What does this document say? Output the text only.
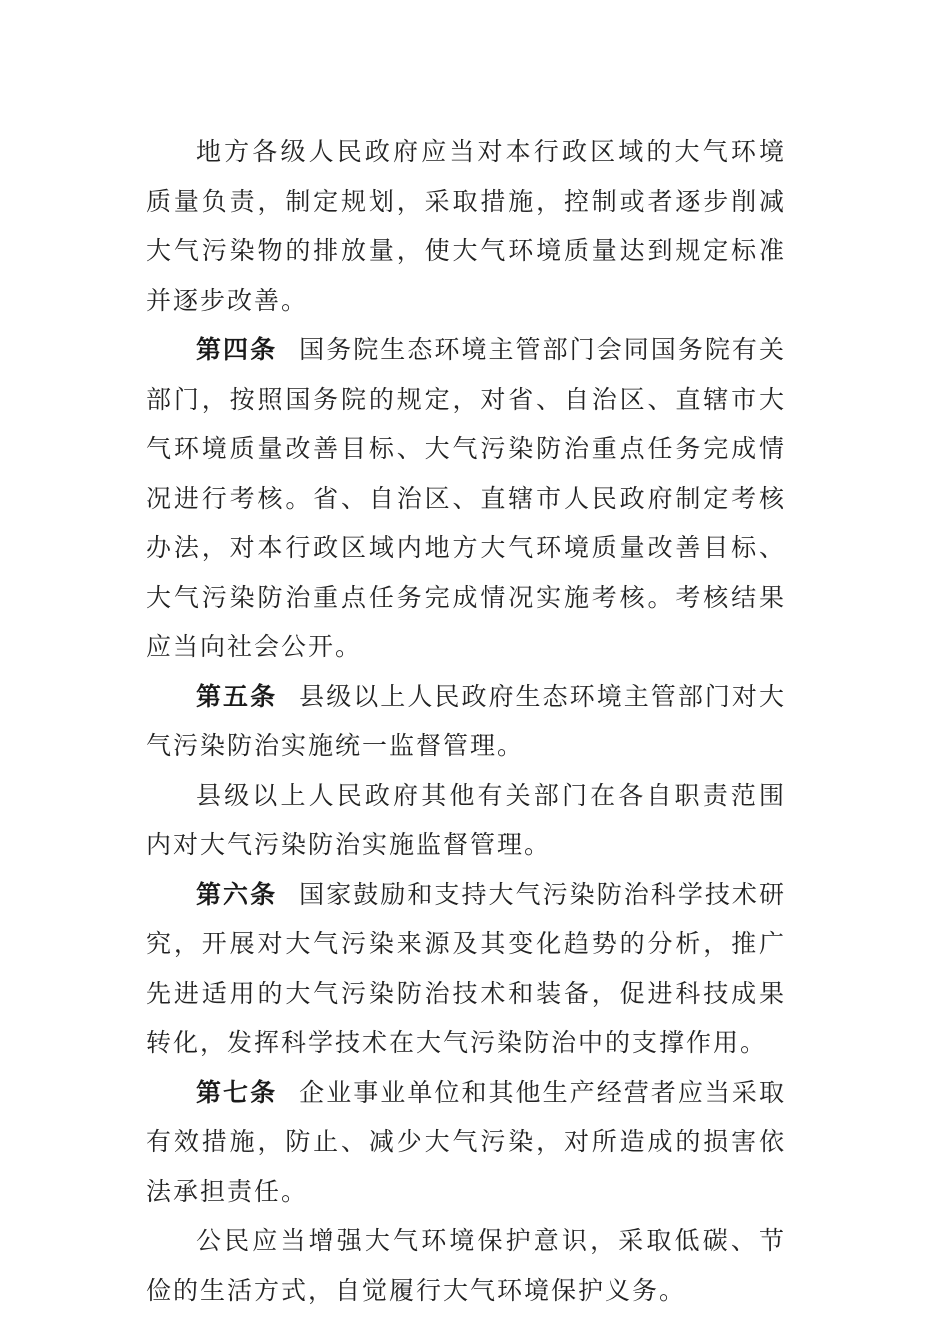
地方各级人民政府应当对本行政区域的大气环境质量负责，制定规划，采取措施，控制或者逐步削减大气污染物的排放量，使大气环境质量达到规定标准并逐步改善。

第四条 国务院生态环境主管部门会同国务院有关部门，按照国务院的规定，对省、自治区、直辖市大气环境质量改善目标、大气污染防治重点任务完成情况进行考核。省、自治区、直辖市人民政府制定考核办法，对本行政区域内地方大气环境质量改善目标、大气污染防治重点任务完成情况实施考核。考核结果应当向社会公开。

第五条 县级以上人民政府生态环境主管部门对大气污染防治实施统一监督管理。

县级以上人民政府其他有关部门在各自职责范围内对大气污染防治实施监督管理。

第六条 国家鼓励和支持大气污染防治科学技术研究，开展对大气污染来源及其变化趋势的分析，推广先进适用的大气污染防治技术和装备，促进科技成果转化，发挥科学技术在大气污染防治中的支撑作用。

第七条 企业事业单位和其他生产经营者应当采取有效措施，防止、减少大气污染，对所造成的损害依法承担责任。

公民应当增强大气环境保护意识，采取低碳、节俭的生活方式，自觉履行大气环境保护义务。
